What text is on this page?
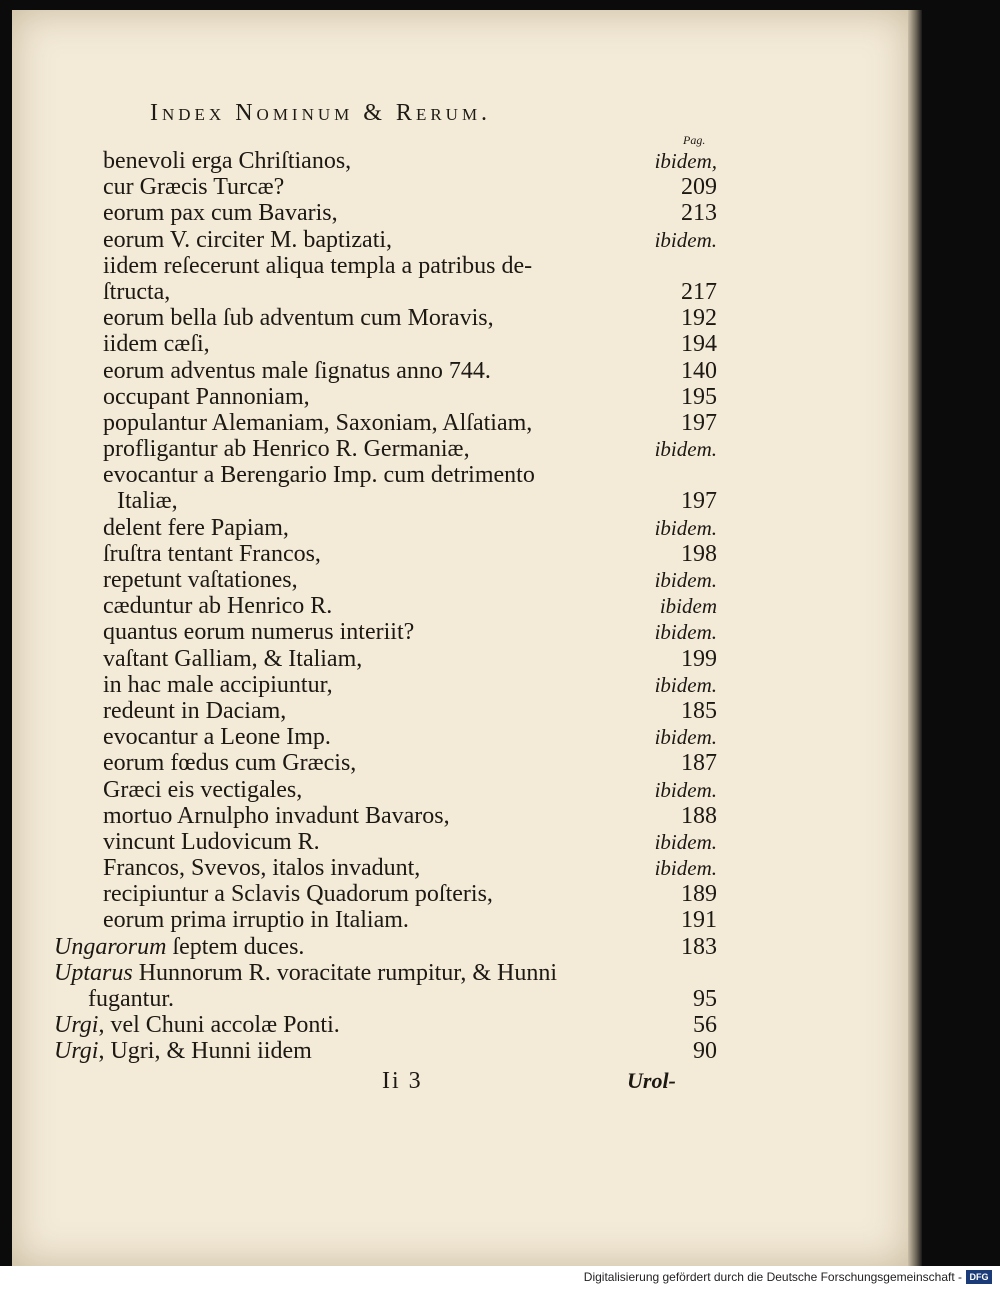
Index Nominum & Rerum.
Pag.
benevoli erga Chriſtianos,	ibidem,
cur Græcis Turcæ?	209
eorum pax cum Bavaris,	213
eorum V. circiter M. baptizati,	ibidem.
iidem reſecerunt aliqua templa a patribus de-
ſtructa,	217
eorum bella ſub adventum cum Moravis,	192
iidem cæſi,	194
eorum adventus male ſignatus anno 744.	140
occupant Pannoniam,	195
populantur Alemaniam, Saxoniam, Alſatiam,	197
profligantur ab Henrico R. Germaniæ,	ibidem.
evocantur a Berengario Imp. cum detrimento
Italiæ,	197
delent fere Papiam,	ibidem.
ſruſtra tentant Francos,	198
repetunt vaſtationes,	ibidem.
cæduntur ab Henrico R.	ibidem
quantus eorum numerus interiit?	ibidem.
vaſtant Galliam, & Italiam,	199
in hac male accipiuntur,	ibidem.
redeunt in Daciam,	185
evocantur a Leone Imp.	ibidem.
eorum fœdus cum Græcis,	187
Græci eis vectigales,	ibidem.
mortuo Arnulpho invadunt Bavaros,	188
vincunt Ludovicum R.	ibidem.
Francos, Svevos, italos invadunt,	ibidem.
recipiuntur a Sclavis Quadorum poſteris,	189
eorum prima irruptio in Italiam.	191
Ungarorum ſeptem duces.	183
Uptarus Hunnorum R. voracitate rumpitur, & Hunni
fugantur.	95
Urgi, vel Chuni accolæ Ponti.	56
Urgi, Ugri, & Hunni iidem	90
Ii 3	Urol-
Digitalisierung gefördert durch die Deutsche Forschungsgemeinschaft - DFG
